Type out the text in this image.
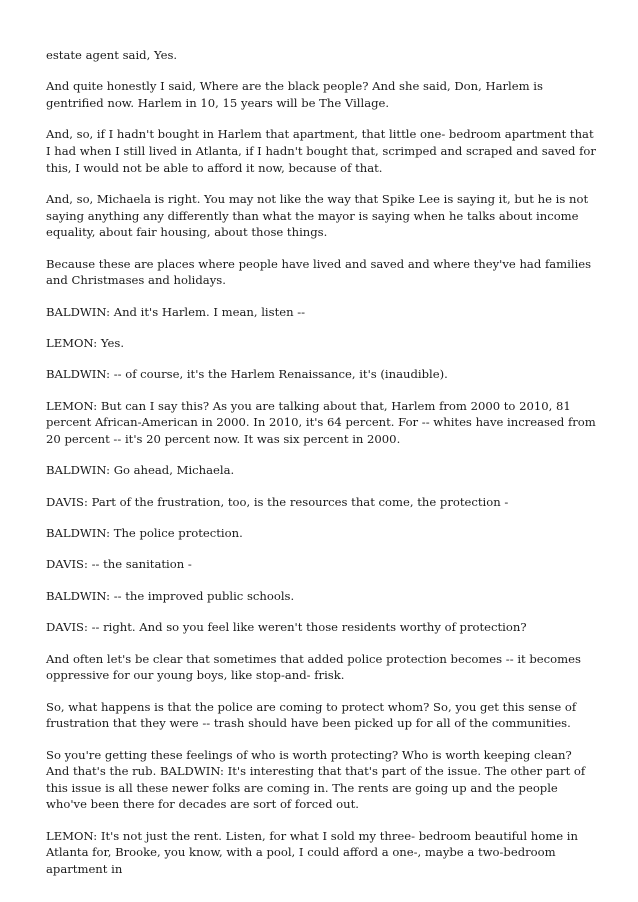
estate agent said, Yes.

And quite honestly I said, Where are the black people? And she said, Don, Harlem is gentrified now. Harlem in 10, 15 years will be The Village.

And, so, if I hadn't bought in Harlem that apartment, that little one- bedroom apartment that I had when I still lived in Atlanta, if I hadn't bought that, scrimped and scraped and saved for this, I would not be able to afford it now, because of that.

And, so, Michaela is right. You may not like the way that Spike Lee is saying it, but he is not saying anything any differently than what the mayor is saying when he talks about income equality, about fair housing, about those things.

Because these are places where people have lived and saved and where they've had families and Christmases and holidays.

BALDWIN: And it's Harlem. I mean, listen --

LEMON: Yes.

BALDWIN: -- of course, it's the Harlem Renaissance, it's (inaudible).

LEMON: But can I say this? As you are talking about that, Harlem from 2000 to 2010, 81 percent African-American in 2000. In 2010, it's 64 percent. For -- whites have increased from 20 percent -- it's 20 percent now. It was six percent in 2000.

BALDWIN: Go ahead, Michaela.

DAVIS: Part of the frustration, too, is the resources that come, the protection -

BALDWIN: The police protection.

DAVIS: -- the sanitation -

BALDWIN: -- the improved public schools.

DAVIS: -- right. And so you feel like weren't those residents worthy of protection?

And often let's be clear that sometimes that added police protection becomes -- it becomes oppressive for our young boys, like stop-and- frisk.

So, what happens is that the police are coming to protect whom? So, you get this sense of frustration that they were -- trash should have been picked up for all of the communities.

So you're getting these feelings of who is worth protecting? Who is worth keeping clean? And that's the rub. BALDWIN: It's interesting that that's part of the issue. The other part of this issue is all these newer folks are coming in. The rents are going up and the people who've been there for decades are sort of forced out.

LEMON: It's not just the rent. Listen, for what I sold my three- bedroom beautiful home in Atlanta for, Brooke, you know, with a pool, I could afford a one-, maybe a two-bedroom apartment in
